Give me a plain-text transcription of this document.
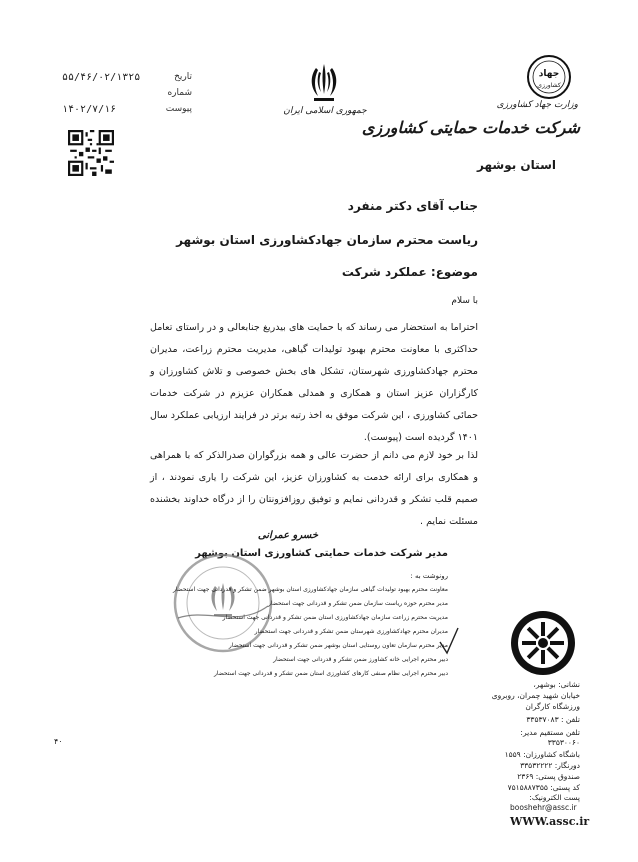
تاریخ
۵۵/۴۶/۰۲/۱۳۲۵
شماره
پیوست
۱۴۰۲/۷/۱۶	جمهوری اسلامی ایران
جهاد
کشاورزی
وزارت جهاد کشاورزی
شرکت خدمات حمایتی کشاورزی
استان بوشهر
جناب آقای دکتر منفرد
ریاست محترم سازمان جهادکشاورزی استان بوشهر
موضوع: عملکرد شرکت
با سلام
احتراما به استحضار می رساند که با حمایت های بیدریغ جنابعالی و در راستای تعامل حداکثری با معاونت محترم بهبود تولیدات گیاهی، مدیریت محترم زراعت، مدیران محترم جهادکشاورزی شهرستان، تشکل های بخش خصوصی و تلاش کشاورزان و کارگزاران عزیز استان و همکاری و همدلی همکاران عزیزم در شرکت خدمات حمائی کشاورزی ، این شرکت موفق به اخذ رتبه برتر در فرایند ارزیابی عملکرد سال ۱۴۰۱ گردیده است (پیوست).
لذا بر خود لازم می دانم از حضرت عالی و همه بزرگواران صدرالذکر که با همراهی و همکاری برای ارائه خدمت به کشاورزان عزیز، این شرکت را یاری نمودند ، از صمیم قلب تشکر و قدردانی نمایم و توفیق روزافزونتان را از درگاه خداوند بخشنده مسئلت نمایم .
خسرو عمرانی
مدیر شرکت خدمات حمایتی کشاورزی استان بوشهر
رونوشت به :
معاونت محترم بهبود تولیدات گیاهی سازمان جهادکشاورزی استان بوشهر ضمن تشکر و قدردانی جهت استحضار
مدیر محترم حوزه ریاست سازمان ضمن تشکر و قدردانی جهت استحضار
مدیریت محترم زراعت سازمان جهادکشاورزی استان ضمن تشکر و قدردانی جهت استحضار
مدیران محترم جهادکشاورزی شهرستان ضمن تشکر و قدردانی جهت استحضار
مدیر محترم سازمان تعاون روستایی استان بوشهر ضمن تشکر و قدردانی جهت استحضار
دبیر محترم اجرایی خانه کشاورز ضمن تشکر و قدردانی جهت استحضار
دبیر محترم اجرایی نظام صنفی کارهای کشاورزی استان ضمن تشکر و قدردانی جهت استحضار
نشانی: بوشهر،
خیابان شهید چمران، روبروی
ورزشگاه کارگران
تلفن : ۳۳۵۳۷۰۸۳
تلفن مستقیم مدیر:
۳۳۵۳۰۰۶۰
باشگاه کشاورزان: ۱۵۵۹
دورنگار: ۳۳۵۳۲۲۲۲
صندوق پستی: ۲۳۶۹
کد پستی: ۷۵۱۵۸۸۷۳۵۵
پست الکترونیک:
booshehr@assc.ir
WWW.assc.ir
۴۰
